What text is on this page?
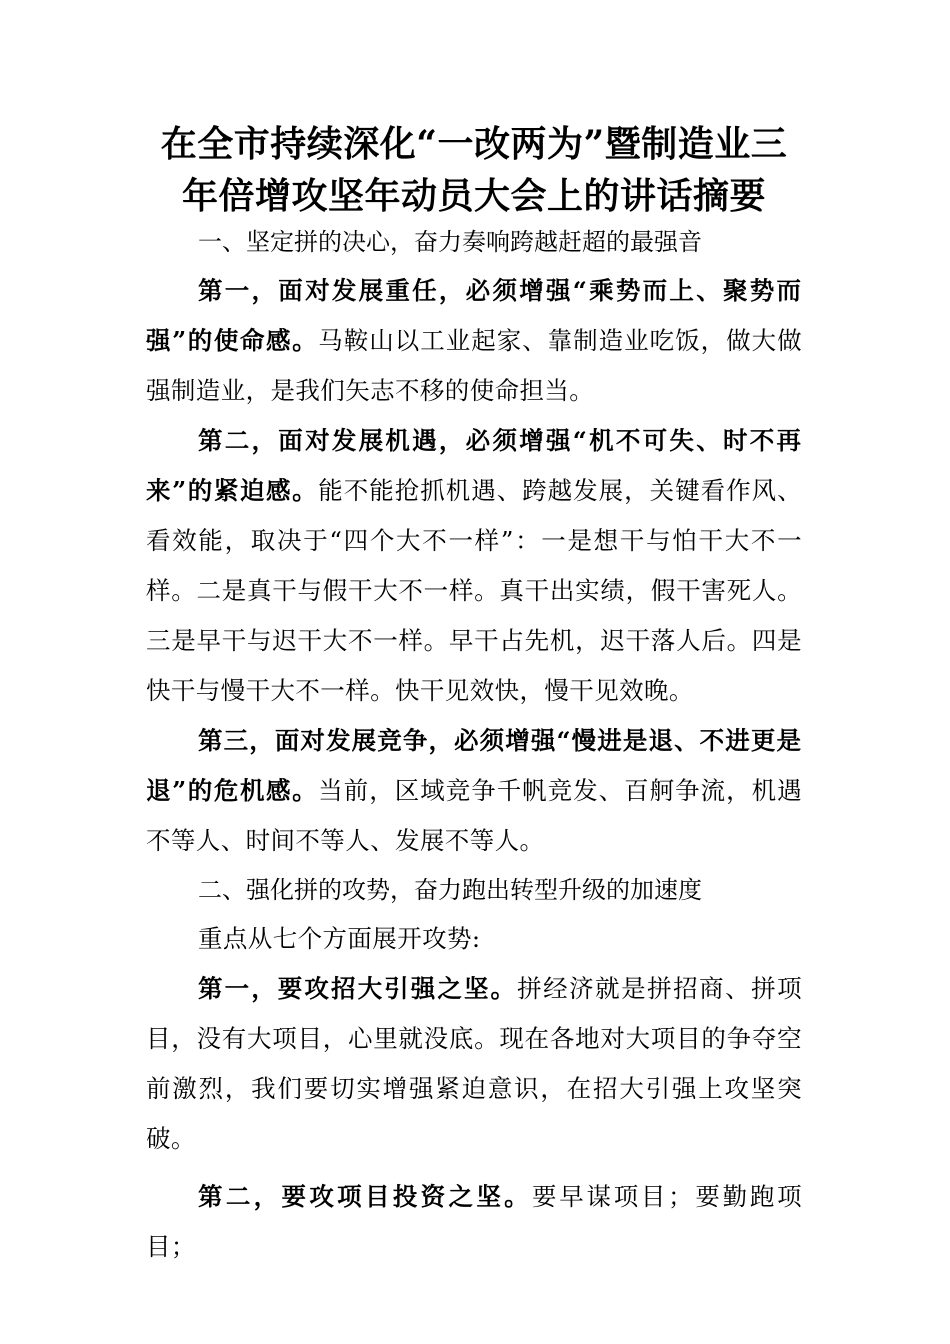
在全市持续深化“一改两为”暨制造业三
年倍增攻坚年动员大会上的讲话摘要

一、坚定拼的决心，奋力奏响跨越赶超的最强音

第一，面对发展重任，必须增强“乘势而上、聚势而强”的使命感。马鞍山以工业起家、靠制造业吃饭，做大做强制造业，是我们矢志不移的使命担当。

第二，面对发展机遇，必须增强“机不可失、时不再来”的紧迫感。能不能抢抓机遇、跨越发展，关键看作风、看效能，取决于“四个大不一样”：一是想干与怕干大不一样。二是真干与假干大不一样。真干出实绩，假干害死人。三是早干与迟干大不一样。早干占先机，迟干落人后。四是快干与慢干大不一样。快干见效快，慢干见效晚。

第三，面对发展竞争，必须增强“慢进是退、不进更是退”的危机感。当前，区域竞争千帆竞发、百舸争流，机遇不等人、时间不等人、发展不等人。

二、强化拼的攻势，奋力跑出转型升级的加速度

重点从七个方面展开攻势:

第一，要攻招大引强之坚。拼经济就是拼招商、拼项目，没有大项目，心里就没底。现在各地对大项目的争夺空前激烈，我们要切实增强紧迫意识，在招大引强上攻坚突破。

第二，要攻项目投资之坚。要早谋项目；要勤跑项目；
